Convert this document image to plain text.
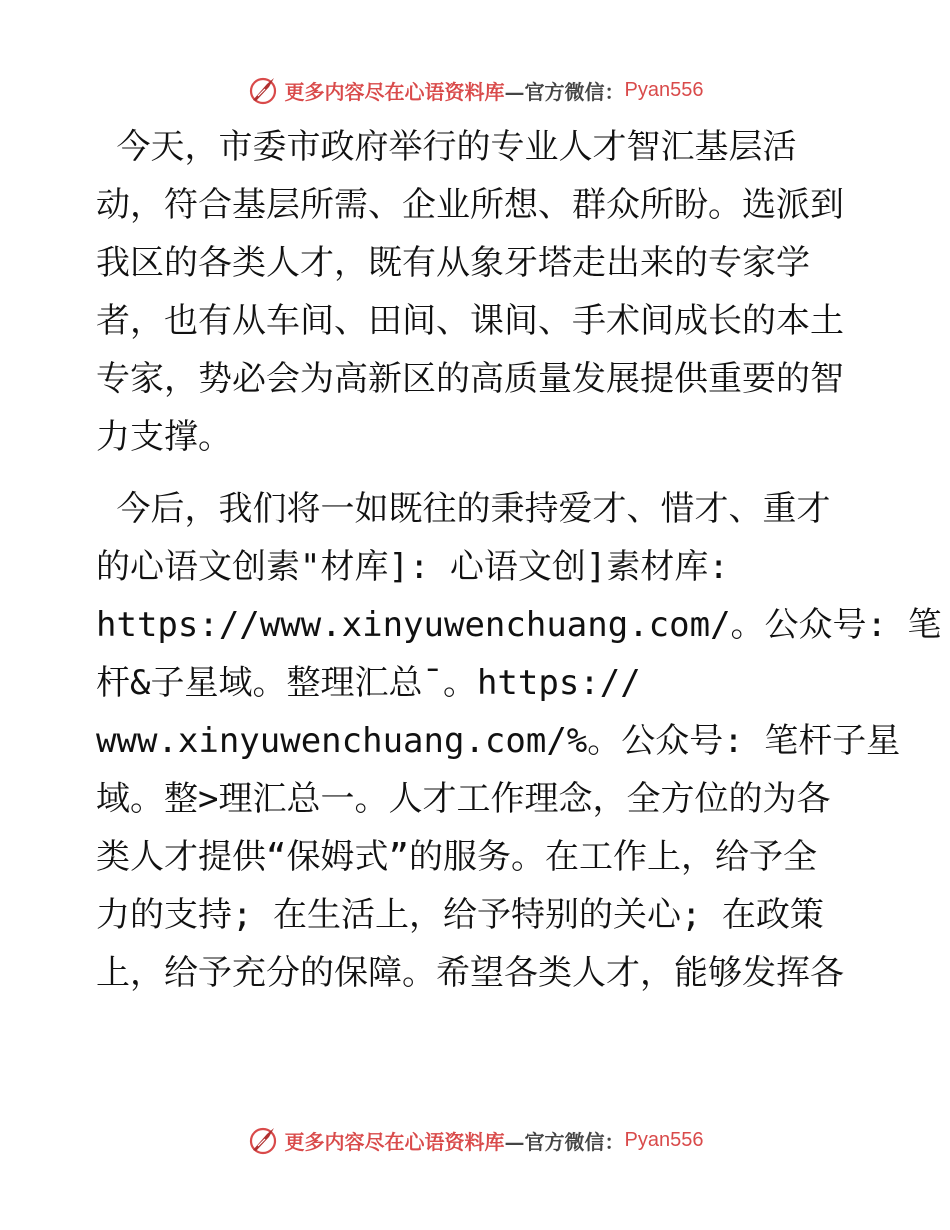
更多内容尽在心语资料库 —官方微信： Pyan556
今天，市委市政府举行的专业人才智汇基层活
动，符合基层所需、企业所想、群众所盼。选派到
我区的各类人才，既有从象牙塔走出来的专家学
者，也有从车间、田间、课间、手术间成长的本土
专家，势必会为高新区的高质量发展提供重要的智
力支撑。
今后，我们将一如既往的秉持爱才、惜才、重才
的心语文创素"材库]: 心语文创]素材库:
https://www.xinyuwenchuang.com/。公众号: 笔
杆&子星域。整理汇总¯。https://
www.xinyuwenchuang.com/%。公众号: 笔杆子星
域。整>理汇总一。人才工作理念，全方位的为各
类人才提供“保姆式”的服务。在工作上，给予全
力的支持; 在生活上，给予特别的关心; 在政策
上，给予充分的保障。希望各类人才，能够发挥各
更多内容尽在心语资料库 —官方微信： Pyan556
